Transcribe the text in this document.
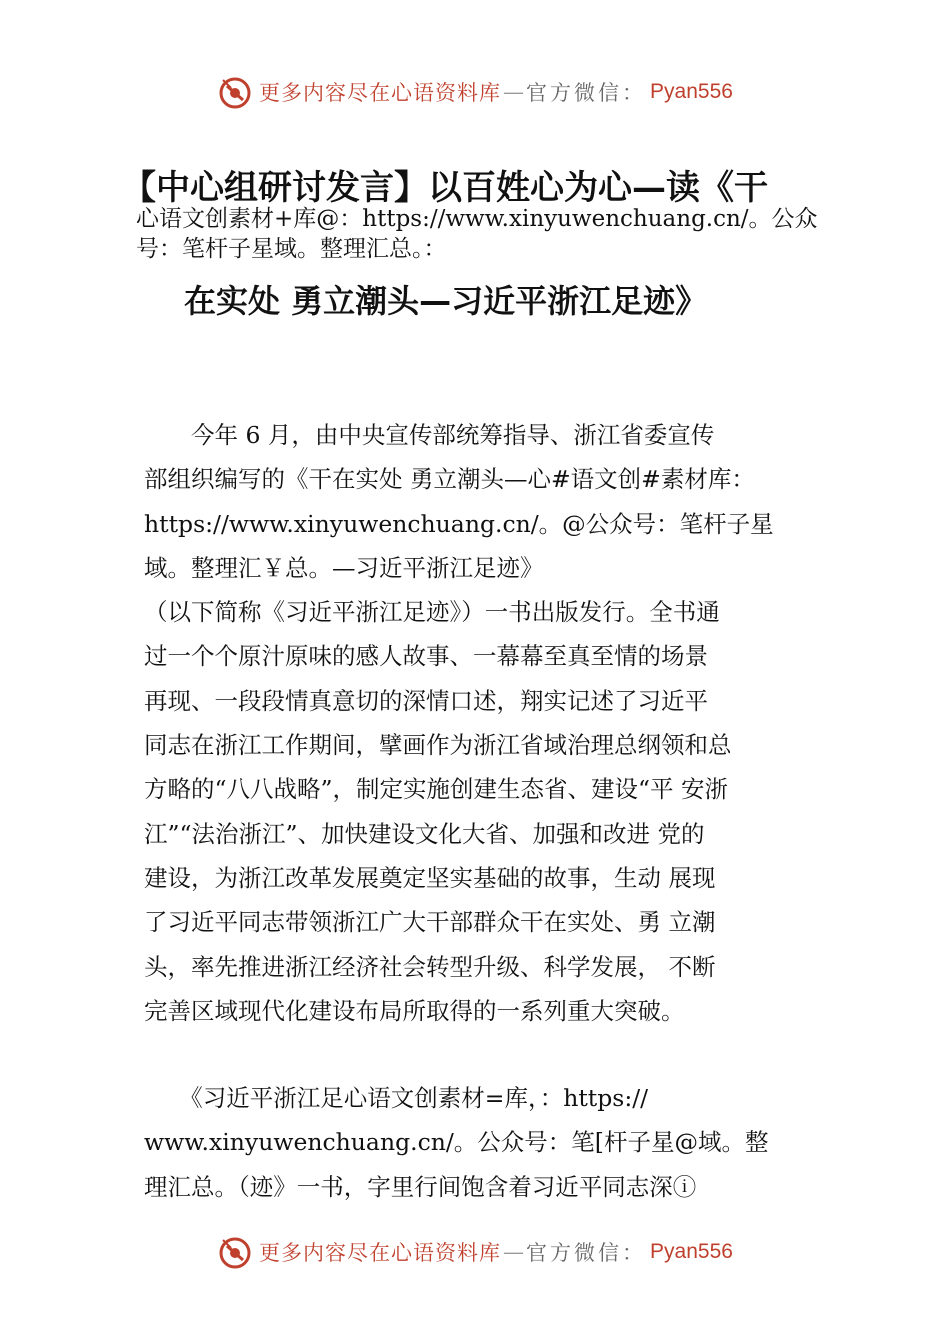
更多内容尽在心语资料库 — 官方微信： Pyan556
【中心组研讨发言】以百姓心为心—读《干
心语文创素材+库@：https://www.xinyuwenchuang.cn/。公众号：笔杆子星域。整理汇总。：
在实处 勇立潮头—习近平浙江足迹》
　　今年 6 月，由中央宣传部统筹指导、浙江省委宣传
部组织编写的《干在实处 勇立潮头—心#语文创#素材库：
https://www.xinyuwenchuang.cn/。@公众号：笔杆子星
域。整理汇￥总。—习近平浙江足迹》
（以下简称《习近平浙江足迹》）一书出版发行。全书通
过一个个原汁原味的感人故事、一幕幕至真至情的场景
再现、一段段情真意切的深情口述，翔实记述了习近平
同志在浙江工作期间，擘画作为浙江省域治理总纲领和总
方略的“八八战略”，制定实施创建生态省、建设“平 安浙
江”“法治浙江”、加快建设文化大省、加强和改进 党的
建设，为浙江改革发展奠定坚实基础的故事，生动 展现
了习近平同志带领浙江广大干部群众干在实处、勇 立潮
头，率先推进浙江经济社会转型升级、科学发展， 不断
完善区域现代化建设布局所取得的一系列重大突破。
　　《习近平浙江足心语文创素材=库，：https://
www.xinyuwenchuang.cn/。公众号：笔[杆子星@域。整
理汇总。（迹》一书，字里行间饱含着习近平同志深ⓘ
更多内容尽在心语资料库 — 官方微信： Pyan556
